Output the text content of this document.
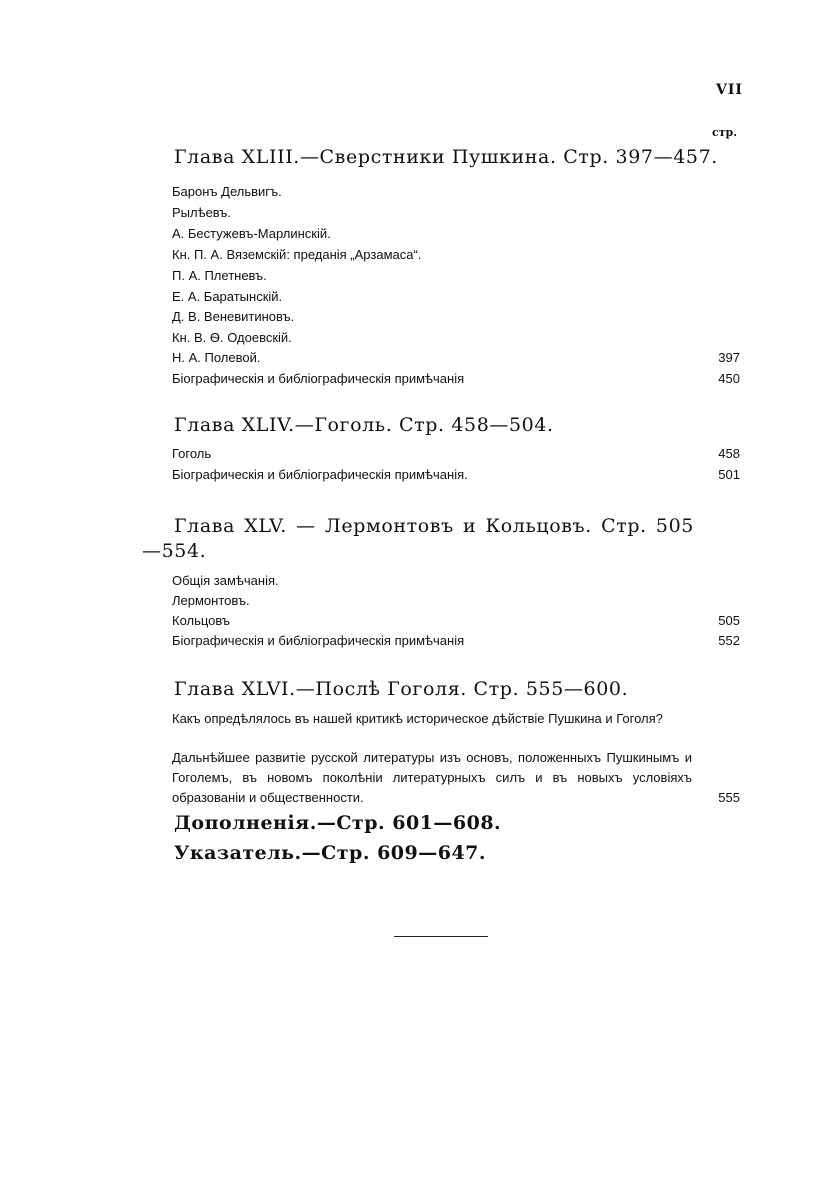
VII
стр.
Глава XLIII.—Сверстники Пушкина. Стр. 397—457.
Баронъ Дельвигъ.
Рылѣевъ.
А. Бестужевъ-Марлинскій.
Кн. П. А. Вяземскій: преданія „Арзамаса“.
П. А. Плетневъ.
Е. А. Баратынскій.
Д. В. Веневитиновъ.
Кн. В. Ѳ. Одоевскій.
Н. А. Полевой.	397
Біографическія и библіографическія примѣчанія	450
Глава XLIV.—Гоголь. Стр. 458—504.
Гоголь	458
Біографическія и библіографическія примѣчанія.	501
Глава XLV. — Лермонтовъ и Кольцовъ. Стр. 505
—554.
Общія замѣчанія.
Лермонтовъ.
Кольцовъ	505
Біографическія и библіографическія примѣчанія	552
Глава XLVI.—Послѣ Гоголя. Стр. 555—600.
Какъ опредѣлялось въ нашей критикѣ историческое дѣйствіе Пушкина и Гоголя?
Дальнѣйшее развитіе русской литературы изъ основъ, положенныхъ Пушкинымъ и Гоголемъ, въ новомъ поколѣніи литературныхъ силъ и въ новыхъ условіяхъ образованіи и общественности.	555
Дополненія.—Стр. 601—608.
Указатель.—Стр. 609—647.
